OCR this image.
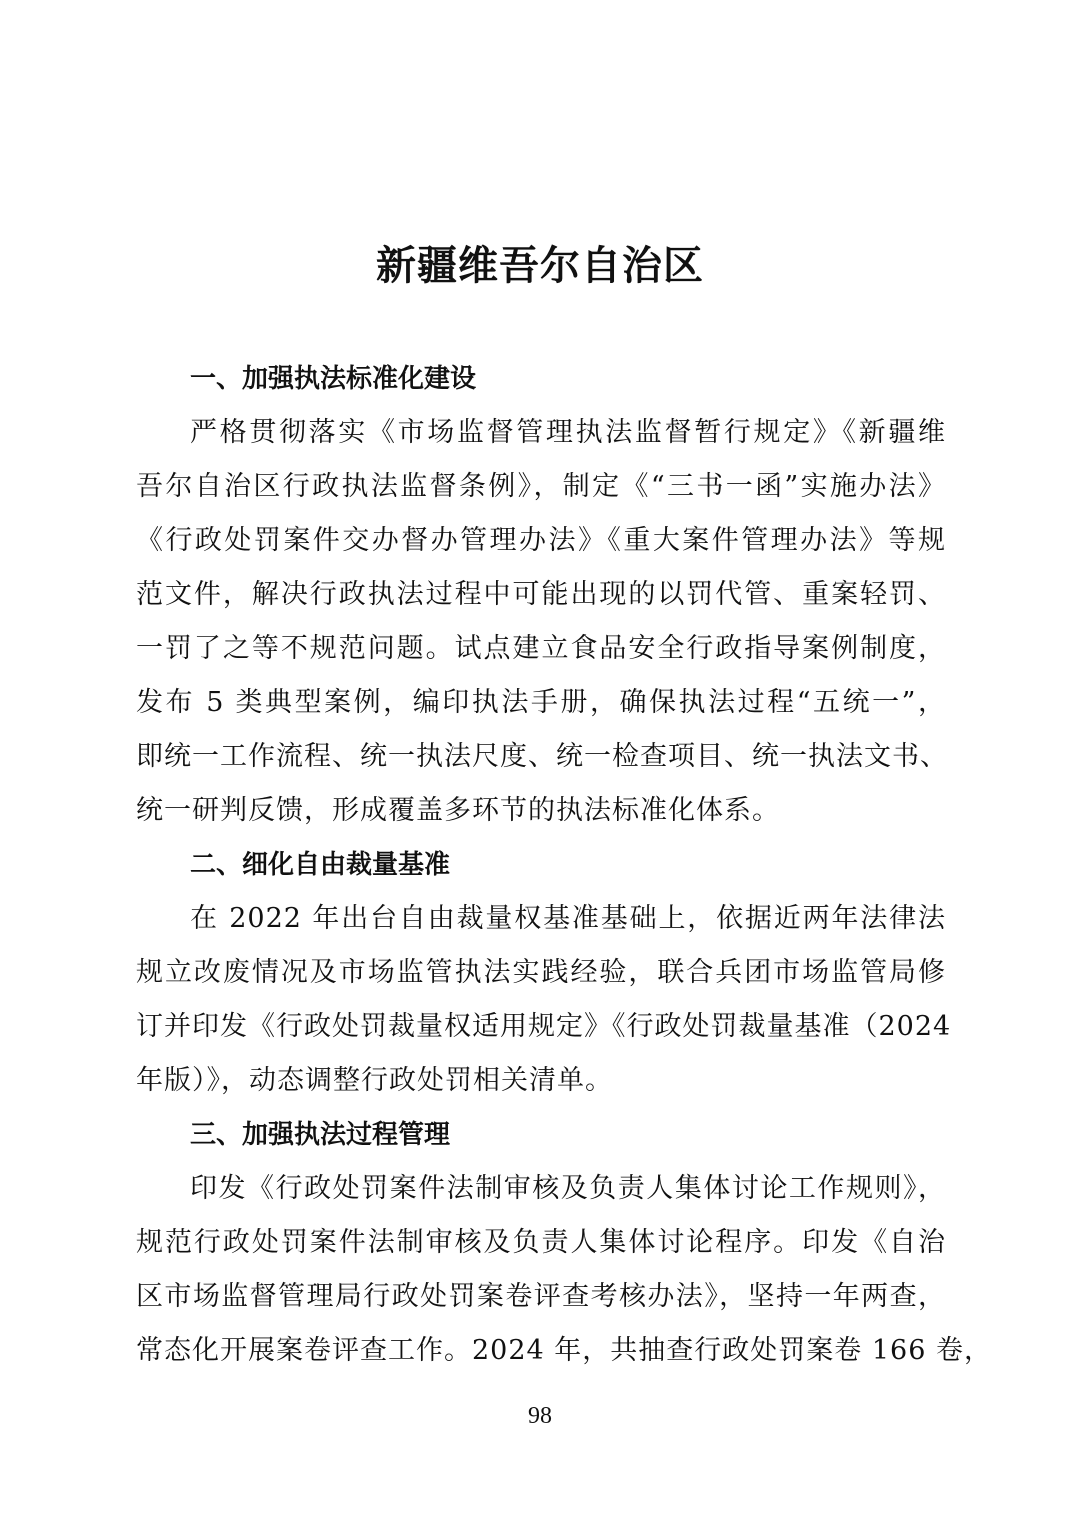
新疆维吾尔自治区
一、加强执法标准化建设
严格贯彻落实《市场监督管理执法监督暂行规定》《新疆维
吾尔自治区行政执法监督条例》，制定《“三书一函”实施办法》
《行政处罚案件交办督办管理办法》《重大案件管理办法》等规
范文件，解决行政执法过程中可能出现的以罚代管、重案轻罚、
一罚了之等不规范问题。试点建立食品安全行政指导案例制度，
发布 5 类典型案例，编印执法手册，确保执法过程“五统一”，
即统一工作流程、统一执法尺度、统一检查项目、统一执法文书、
统一研判反馈，形成覆盖多环节的执法标准化体系。
二、细化自由裁量基准
在 2022 年出台自由裁量权基准基础上，依据近两年法律法
规立改废情况及市场监管执法实践经验，联合兵团市场监管局修
订并印发《行政处罚裁量权适用规定》《行政处罚裁量基准（2024
年版）》，动态调整行政处罚相关清单。
三、加强执法过程管理
印发《行政处罚案件法制审核及负责人集体讨论工作规则》，
规范行政处罚案件法制审核及负责人集体讨论程序。印发《自治
区市场监督管理局行政处罚案卷评查考核办法》，坚持一年两查，
常态化开展案卷评查工作。2024 年，共抽查行政处罚案卷 166 卷，
98
